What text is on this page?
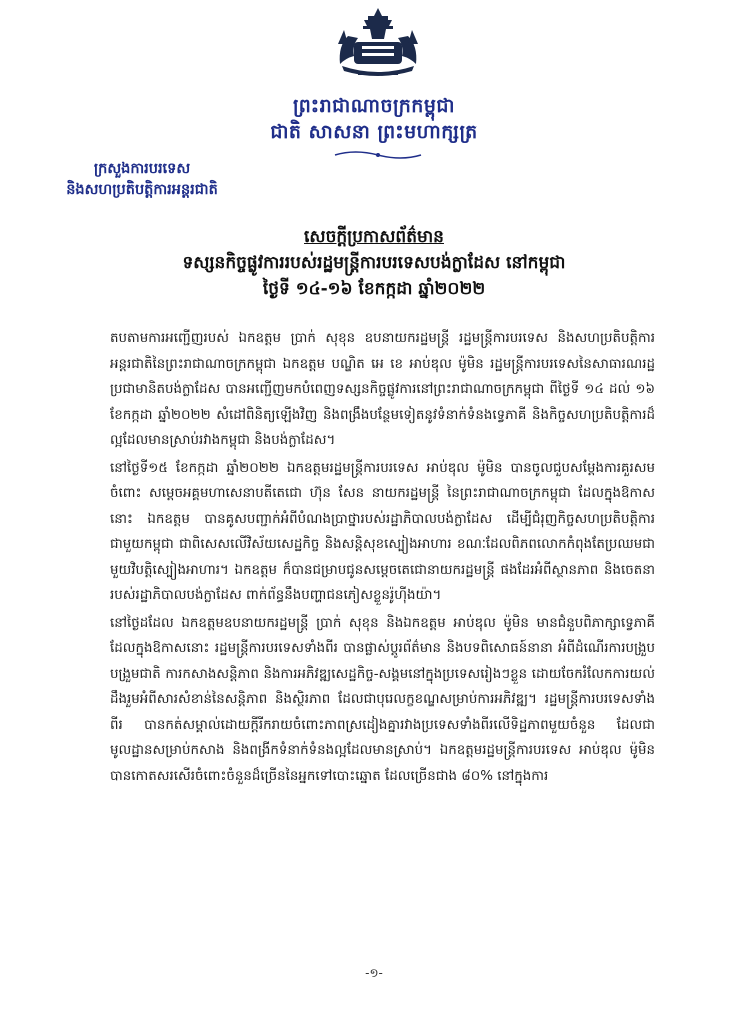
ព្រះរាជាណាចក្រកម្ពុជា
ជាតិ សាសនា ព្រះមហាក្សត្រ
ក្រសួងការបរទេស
និងសហប្រតិបត្តិការអន្តរជាតិ
សេចក្ដីប្រកាសព័ត៌មាន
ទស្សនកិច្ចផ្លូវការរបស់រដ្ឋមន្ត្រីការបរទេសបង់ក្លាដែស នៅកម្ពុជា
ថ្ងៃទី ១៤-១៦ ខែកក្កដា ឆ្នាំ២០២២

តបតាមការអញ្ជើញរបស់ ឯកឧត្ដម ប្រាក់ សុខុន ឧបនាយករដ្ឋមន្ត្រី រដ្ឋមន្ត្រីការបរទេស និងសហប្រតិបត្តិការអន្តរជាតិនៃព្រះរាជាណាចក្រកម្ពុជា ឯកឧត្ដម បណ្ឌិត អេ ខេ អាប់ឌុល ម៉ូមិន រដ្ឋមន្ត្រីការបរទេសនៃសាធារណរដ្ឋប្រជាមានិតបង់ក្លាដែស បានអញ្ជើញមកបំពេញទស្សនកិច្ចផ្លូវការនៅព្រះរាជាណាចក្រកម្ពុជា ពីថ្ងៃទី ១៤ ដល់ ១៦ ខែកក្កដា ឆ្នាំ២០២២ សំដៅពិនិត្យឡើងវិញ និងពង្រឹងបន្ថែមទៀតនូវទំនាក់ទំនងទ្វេភាគី និងកិច្ចសហប្រតិបត្តិការដ៏ល្អដែលមានស្រាប់រវាងកម្ពុជា និងបង់ក្លាដែស។

នៅថ្ងៃទី១៥ ខែកក្កដា ឆ្នាំ២០២២ ឯកឧត្ដមរដ្ឋមន្ត្រីការបរទេស អាប់ឌុល ម៉ូមិន បានចូលជួបសម្ដែងការគួរសមចំពោះ សម្ដេចអគ្គមហាសេនាបតីតេជោ ហ៊ុន សែន នាយករដ្ឋមន្ត្រី នៃព្រះរាជាណាចក្រកម្ពុជា ដែលក្នុងឱកាសនោះ ឯកឧត្ដម បានគូសបញ្ជាក់អំពីបំណងប្រាថ្នារបស់រដ្ឋាភិបាលបង់ក្លាដែស ដើម្បីជំរុញកិច្ចសហប្រតិបត្តិការជាមួយកម្ពុជា ជាពិសេសលើវិស័យសេដ្ឋកិច្ច និងសន្តិសុខស្បៀងអាហារ ខណៈដែលពិភពលោកកំពុងតែប្រឈមជាមួយវិបត្តិស្បៀងអាហារ។ ឯកឧត្ដម ក៏បានជម្រាបជូនសម្ដេចតេជោនាយករដ្ឋមន្ត្រី ផងដែរអំពីស្ថានភាព និងចេតនារបស់រដ្ឋាភិបាលបង់ក្លាដែស ពាក់ព័ន្ធនឹងបញ្ហាជនភៀសខ្លួនរ៉ូហ៊ីងយ៉ា។

នៅថ្ងៃដដែល ឯកឧត្ដមឧបនាយករដ្ឋមន្ត្រី ប្រាក់ សុខុន និងឯកឧត្ដម អាប់ឌុល ម៉ូមិន មានជំនួបពិភាក្សាទ្វេភាគី ដែលក្នុងឱកាសនោះ រដ្ឋមន្ត្រីការបរទេសទាំងពីរ បានផ្លាស់ប្ដូរព័ត៌មាន និងបទពិសោធន៍នានា អំពីដំណើរការបង្រួបបង្រួមជាតិ ការកសាងសន្តិភាព និងការអភិវឌ្ឍសេដ្ឋកិច្ច-សង្គមនៅក្នុងប្រទេសរៀងៗខ្លួន ដោយចែករំលែកការយល់ដឹងរួមអំពីសារសំខាន់នៃសន្តិភាព និងស្ថិរភាព ដែលជាបុរេលក្ខខណ្ឌសម្រាប់ការអភិវឌ្ឍ។ រដ្ឋមន្ត្រីការបរទេសទាំងពីរ បានកត់សម្គាល់ដោយក្ដីរីករាយចំពោះភាពស្រដៀងគ្នារវាងប្រទេសទាំងពីរលើទិដ្ឋភាពមួយចំនួន ដែលជាមូលដ្ឋានសម្រាប់កសាង និងពង្រីកទំនាក់ទំនងល្អដែលមានស្រាប់។ ឯកឧត្ដមរដ្ឋមន្ត្រីការបរទេស អាប់ឌុល ម៉ូមិន បានកោតសរសើរចំពោះចំនួនដ៏ច្រើននៃអ្នកទៅបោះឆ្នោត ដែលច្រើនជាង ៨០% នៅក្នុងការ

-១-
